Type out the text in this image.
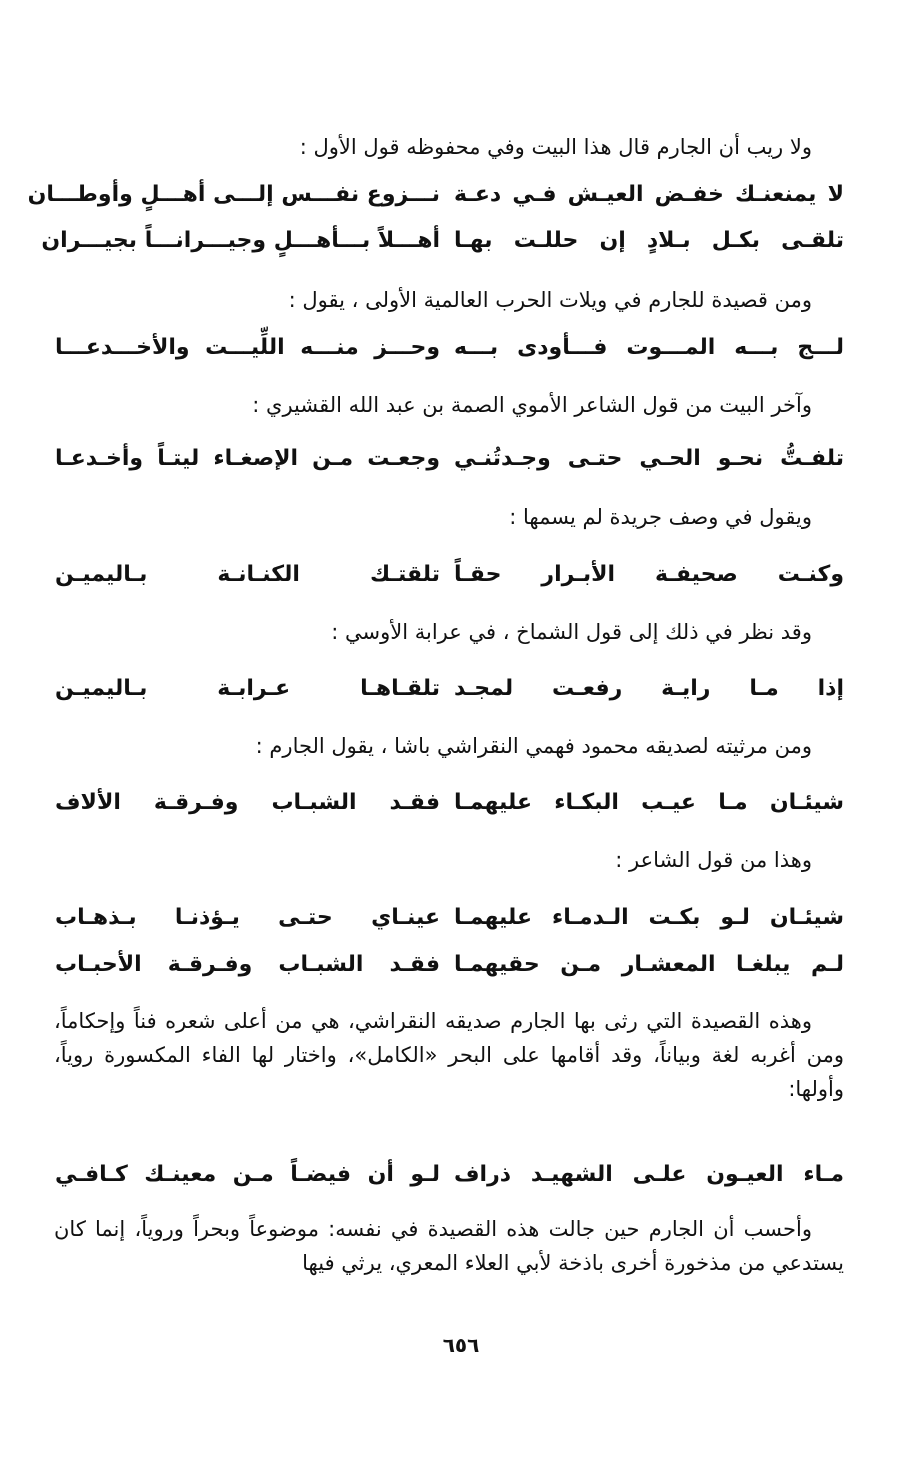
ولا ريب أن الجارم قال هذا البيت وفي محفوظه قول الأول :
لا يمنعنـك خفـض العيـش فـي دعـة
نـــزوع نفـــس إلـــى أهـــلٍ وأوطـــان
تلقـى بكـل بـلادٍ إن حللـت بهـا
أهـــلاً بـــأهـــلٍ وجيـــرانـــاً بجيـــران
ومن قصيدة للجارم في ويلات الحرب العالمية الأولى ، يقول :
لـــج بـــه المـــوت فـــأودى بـــه
وحـــز منـــه اللِّيـــت والأخـــدعـــا
وآخر البيت من قول الشاعر الأموي الصمة بن عبد الله القشيري :
تلفـتُّ نحـو الحـي حتـى وجـدتُنـي
وجعـت مـن الإصغـاء ليتـاً وأخـدعـا
ويقول في وصف جريدة لم يسمها :
وكنـت صحيفـة الأبـرار حقـاً
تلقتـك الكنـانـة بـاليميـن
وقد نظر في ذلك إلى قول الشماخ ، في عرابة الأوسي :
إذا مـا رايـة رفعـت لمجـد
تلقـاهـا عـرابـة بـاليميـن
ومن مرثيته لصديقه محمود فهمي النقراشي باشا ، يقول الجارم :
شيئـان مـا عيـب البكـاء عليهمـا
فقـد الشبـاب وفـرقـة الألاف
وهذا من قول الشاعر :
شيئـان لـو بكـت الـدمـاء عليهمـا
عينـاي حتـى يـؤذنـا بـذهـاب
لـم يبلغـا المعشـار مـن حقيهمـا
فقـد الشبـاب وفـرقـة الأحبـاب
وهذه القصيدة التي رثى بها الجارم صديقه النقراشي، هي من أعلى شعره فناً وإحكاماً، ومن أغربه لغة وبياناً، وقد أقامها على البحر «الكامل»، واختار لها الفاء المكسورة روياً، وأولها:
مـاء العيـون علـى الشهيـد ذراف
لـو أن فيضـاً مـن معينـك كـافـي
وأحسب أن الجارم حين جالت هذه القصيدة في نفسه: موضوعاً وبحراً وروياً، إنما كان يستدعي من مذخورة أخرى باذخة لأبي العلاء المعري، يرثي فيها
٦٥٦
